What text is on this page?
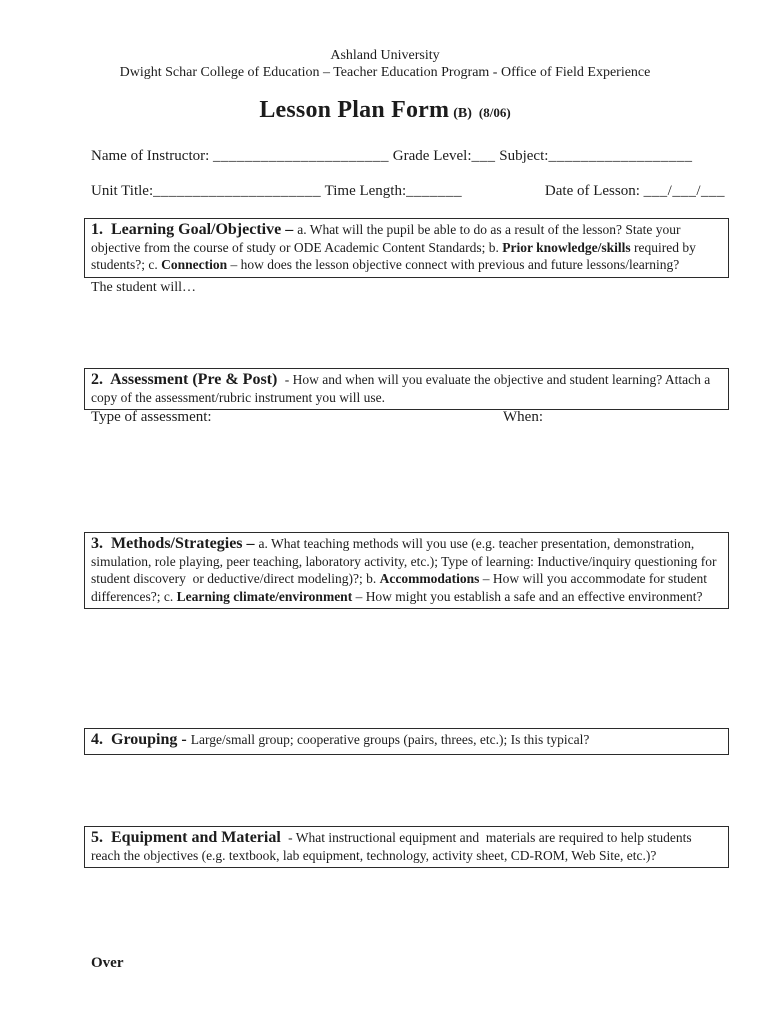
Ashland University
Dwight Schar College of Education – Teacher Education Program - Office of Field Experience
Lesson Plan Form (B) (8/06)
Name of Instructor: ______________________ Grade Level:___ Subject:__________________
Unit Title:_____________________ Time Length:_______	Date of Lesson: ___/___/___
1.  Learning Goal/Objective – a. What will the pupil be able to do as a result of the lesson? State your objective from the course of study or ODE Academic Content Standards; b. Prior knowledge/skills required by students?; c. Connection – how does the lesson objective connect with previous and future lessons/learning?
The student will…
2.  Assessment (Pre & Post)  - How and when will you evaluate the objective and student learning? Attach a copy of the assessment/rubric instrument you will use.
Type of assessment:	When:
3.  Methods/Strategies – a. What teaching methods will you use (e.g. teacher presentation, demonstration, simulation, role playing, peer teaching, laboratory activity, etc.); Type of learning: Inductive/inquiry questioning for student discovery  or deductive/direct modeling)?; b. Accommodations – How will you accommodate for student differences?; c. Learning climate/environment – How might you establish a safe and an effective environment?
4.  Grouping - Large/small group; cooperative groups (pairs, threes, etc.); Is this typical?
5.  Equipment and Material  - What instructional equipment and  materials are required to help students reach the objectives (e.g. textbook, lab equipment, technology, activity sheet, CD-ROM, Web Site, etc.)?
Over
